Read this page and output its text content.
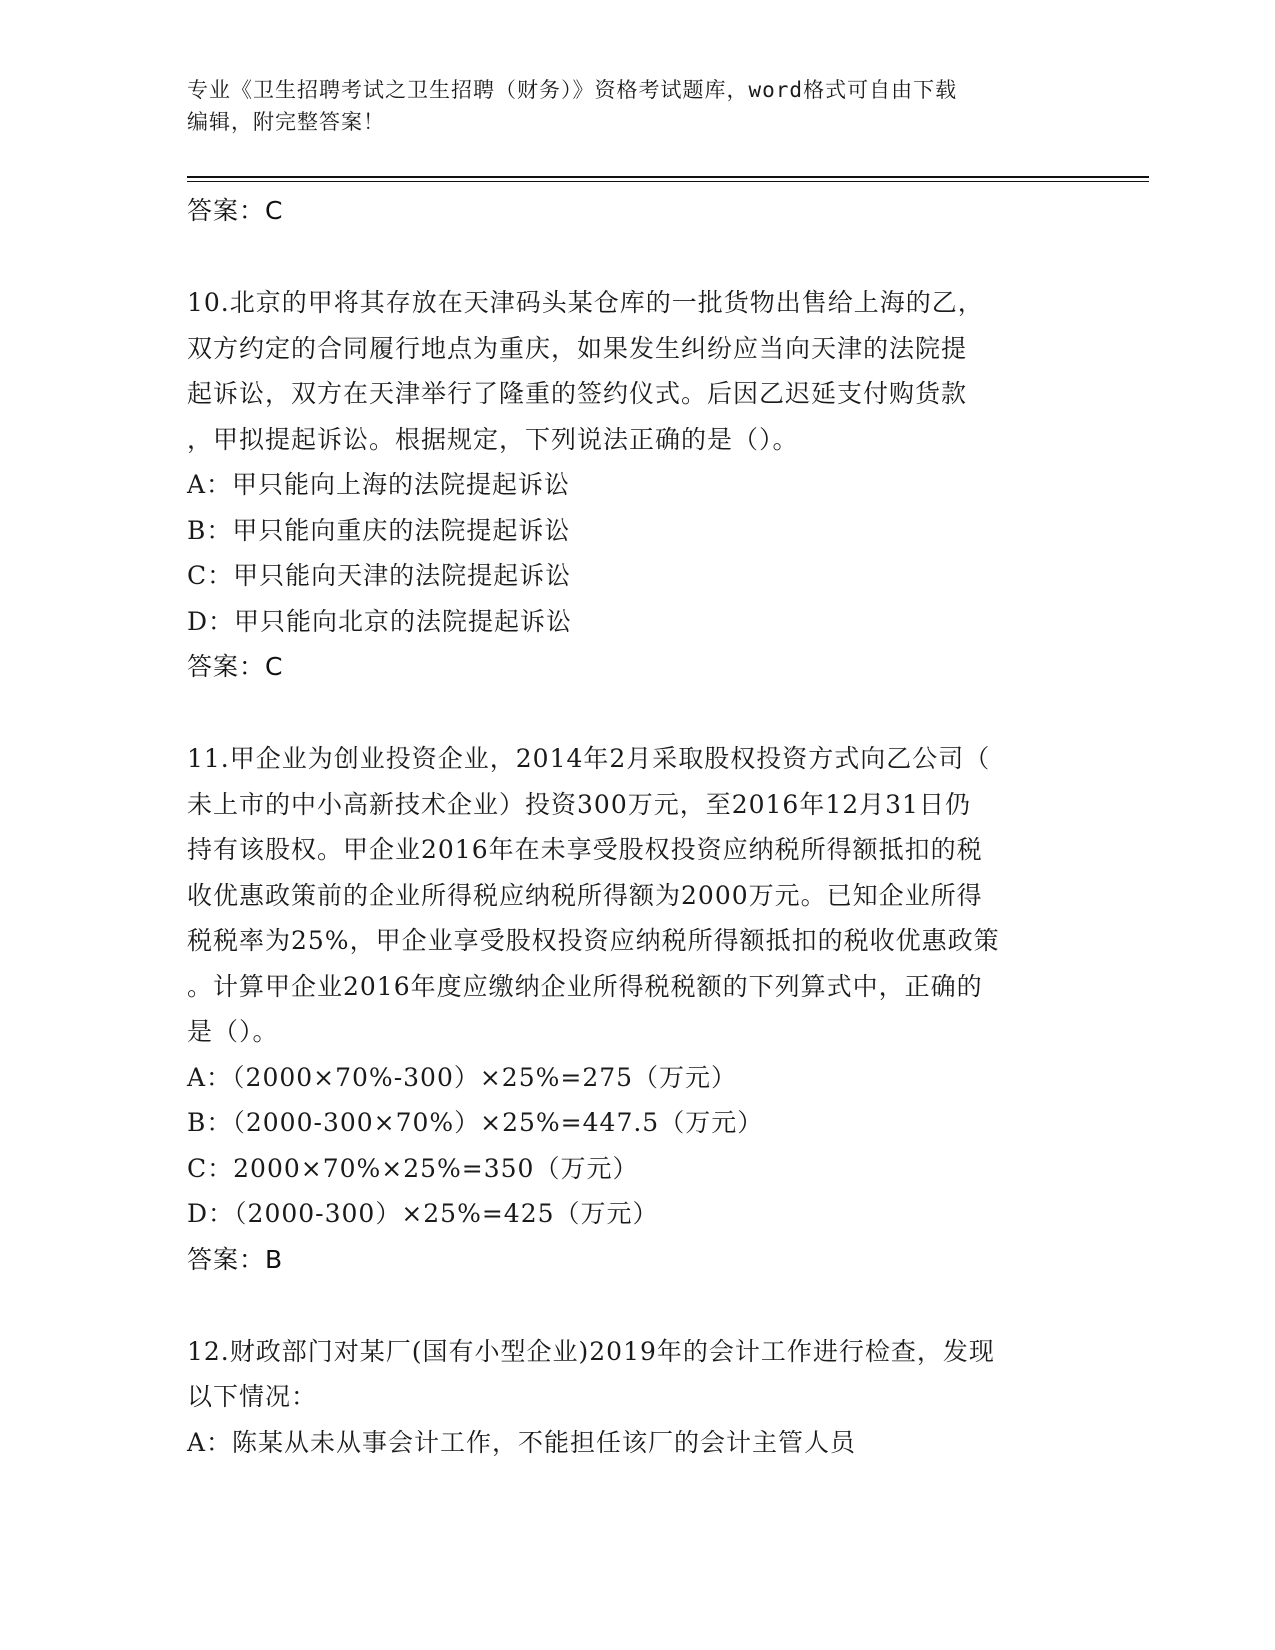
专业《卫生招聘考试之卫生招聘（财务）》资格考试题库，word格式可自由下载
编辑，附完整答案！
答案：C
10.北京的甲将其存放在天津码头某仓库的一批货物出售给上海的乙，
双方约定的合同履行地点为重庆，如果发生纠纷应当向天津的法院提
起诉讼，双方在天津举行了隆重的签约仪式。后因乙迟延支付购货款
，甲拟提起诉讼。根据规定，下列说法正确的是（）。
A：甲只能向上海的法院提起诉讼
B：甲只能向重庆的法院提起诉讼
C：甲只能向天津的法院提起诉讼
D：甲只能向北京的法院提起诉讼
答案：C
11.甲企业为创业投资企业，2014年2月采取股权投资方式向乙公司（
未上市的中小高新技术企业）投资300万元，至2016年12月31日仍
持有该股权。甲企业2016年在未享受股权投资应纳税所得额抵扣的税
收优惠政策前的企业所得税应纳税所得额为2000万元。已知企业所得
税税率为25%，甲企业享受股权投资应纳税所得额抵扣的税收优惠政策
。计算甲企业2016年度应缴纳企业所得税税额的下列算式中，正确的
是（）。
A：（2000×70%-300）×25%=275（万元）
B：（2000-300×70%）×25%=447.5（万元）
C：2000×70%×25%=350（万元）
D：（2000-300）×25%=425（万元）
答案：B
12.财政部门对某厂(国有小型企业)2019年的会计工作进行检查，发现
以下情况：
A：陈某从未从事会计工作，不能担任该厂的会计主管人员
